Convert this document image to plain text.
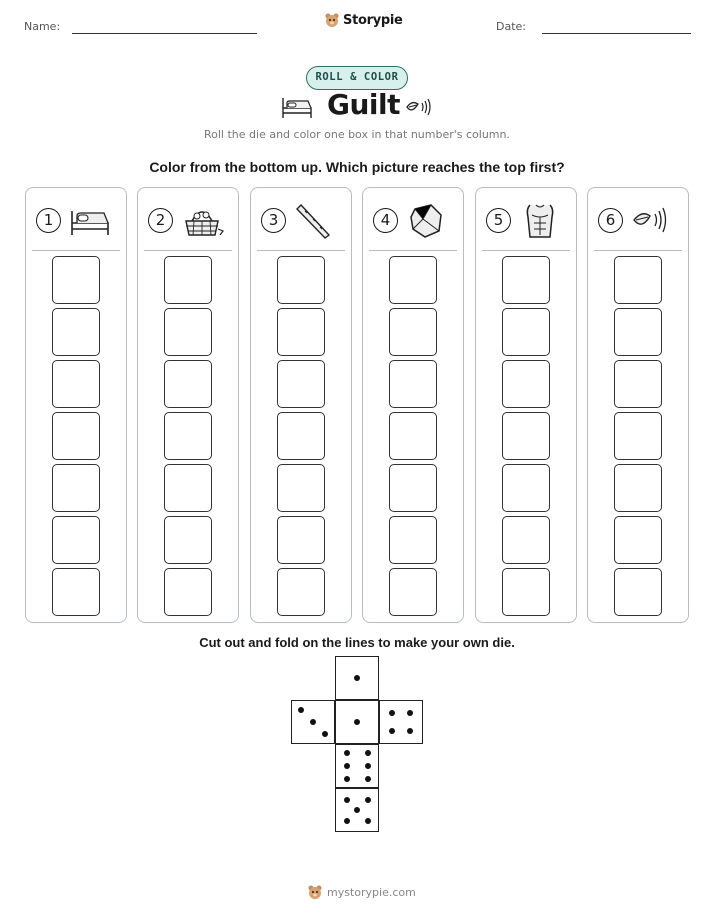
Name:	Storypie	Date:
ROLL & COLOR
Guilt
Roll the die and color one box in that number's column.
Color from the bottom up. Which picture reaches the top first?
1	2	3	4	5	6
Cut out and fold on the lines to make your own die.
mystorypie.com
